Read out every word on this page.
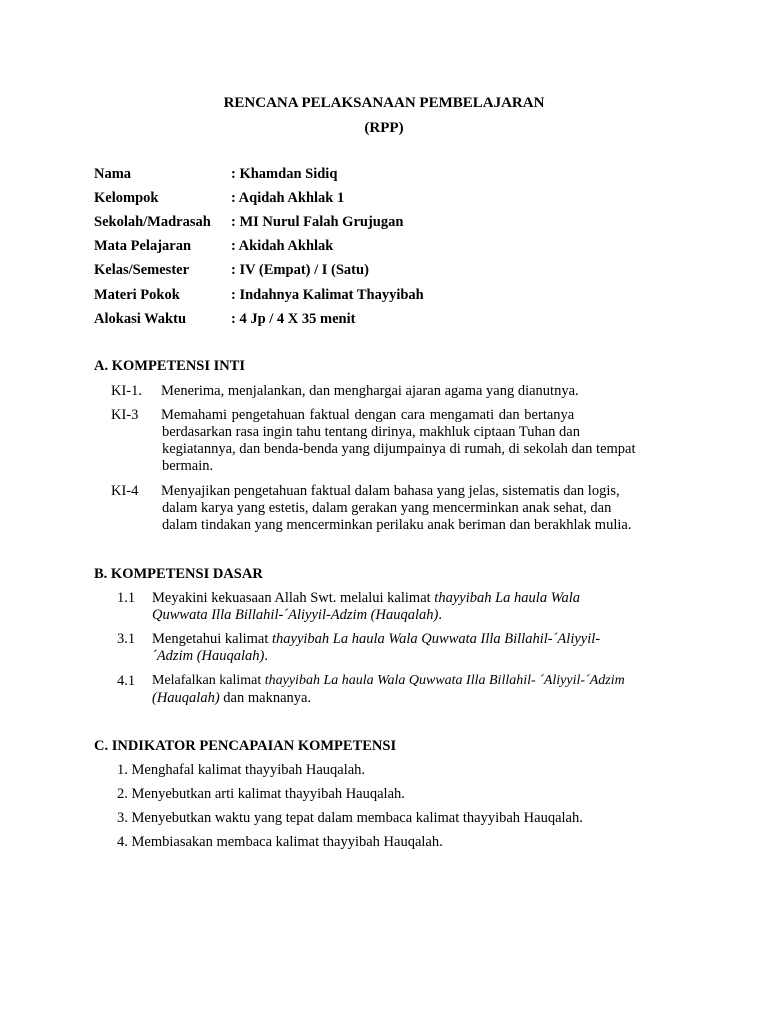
RENCANA PELAKSANAAN PEMBELAJARAN
(RPP)
Nama	: Khamdan Sidiq
Kelompok	: Aqidah Akhlak 1
Sekolah/Madrasah : MI Nurul Falah Grujugan
Mata Pelajaran	: Akidah Akhlak
Kelas/Semester	: IV (Empat) / I (Satu)
Materi Pokok	: Indahnya Kalimat Thayyibah
Alokasi Waktu	: 4 Jp / 4 X 35 menit
A. KOMPETENSI INTI
KI-1. Menerima, menjalankan, dan menghargai ajaran agama yang dianutnya.
KI-3 Memahami pengetahuan faktual dengan cara mengamati dan bertanya
berdasarkan rasa ingin tahu tentang dirinya, makhluk ciptaan Tuhan dan
kegiatannya, dan benda-benda yang dijumpainya di rumah, di sekolah dan tempat
bermain.
KI-4 Menyajikan pengetahuan faktual dalam bahasa yang jelas, sistematis dan logis,
dalam karya yang estetis, dalam gerakan yang mencerminkan anak sehat, dan
dalam tindakan yang mencerminkan perilaku anak beriman dan berakhlak mulia.
B. KOMPETENSI DASAR
1.1 Meyakini kekuasaan Allah Swt. melalui kalimat thayyibah La haula Wala
Quwwata Illa Billahil-´Aliyyil-Adzim (Hauqalah).
3.1 Mengetahui kalimat thayyibah La haula Wala Quwwata Illa Billahil-´Aliyyil-
´Adzim (Hauqalah).
4.1 Melafalkan kalimat thayyibah La haula Wala Quwwata Illa Billahil- ´Aliyyil-´Adzim
(Hauqalah) dan maknanya.
C. INDIKATOR PENCAPAIAN KOMPETENSI
1. Menghafal kalimat thayyibah Hauqalah.
2. Menyebutkan arti kalimat thayyibah Hauqalah.
3. Menyebutkan waktu yang tepat dalam membaca kalimat thayyibah Hauqalah.
4. Membiasakan membaca kalimat thayyibah Hauqalah.
